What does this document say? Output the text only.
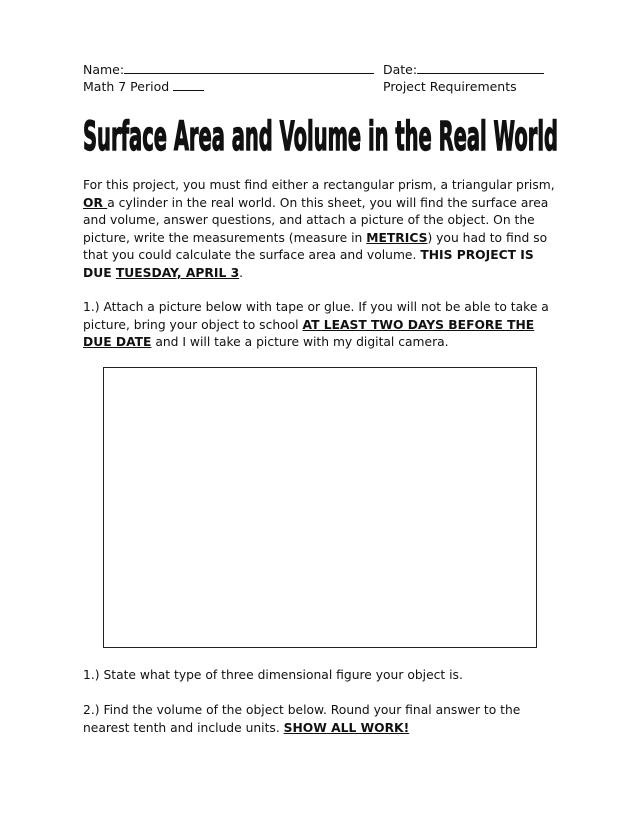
Name:	Date:
Math 7 Period	Project Requirements
Surface Area and Volume in the Real World

For this project, you must find either a rectangular prism, a triangular prism, OR a cylinder in the real world. On this sheet, you will find the surface area and volume, answer questions, and attach a picture of the object. On the picture, write the measurements (measure in METRICS) you had to find so that you could calculate the surface area and volume. THIS PROJECT IS DUE TUESDAY, APRIL 3.

1.) Attach a picture below with tape or glue. If you will not be able to take a picture, bring your object to school AT LEAST TWO DAYS BEFORE THE DUE DATE and I will take a picture with my digital camera.

1.) State what type of three dimensional figure your object is.

2.) Find the volume of the object below. Round your final answer to the nearest tenth and include units. SHOW ALL WORK!
